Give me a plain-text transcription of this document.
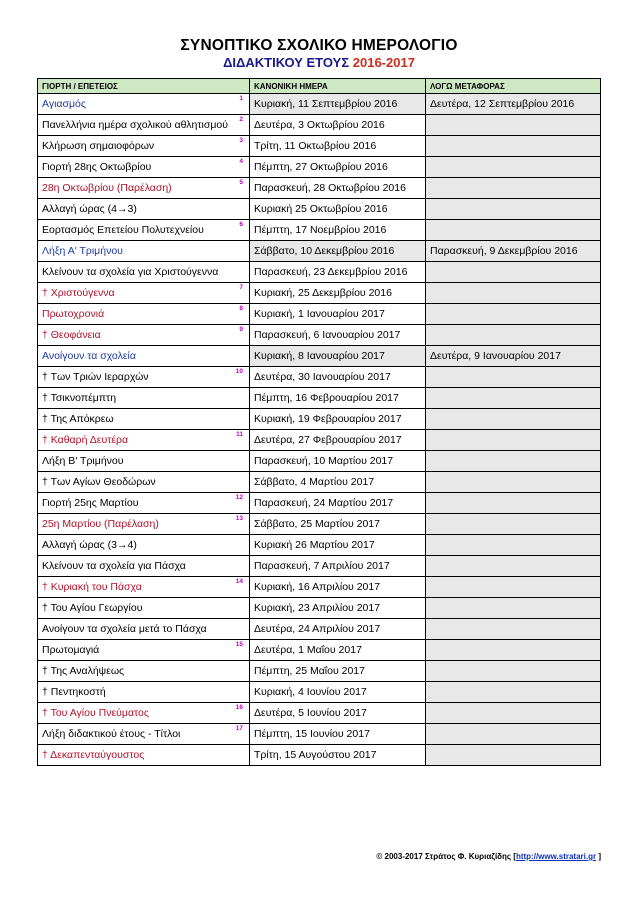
ΣΥΝΟΠΤΙΚΟ ΣΧΟΛΙΚΟ ΗΜΕΡΟΛΟΓΙΟ
ΔΙΔΑΚΤΙΚΟΥ ΕΤΟΥΣ 2016-2017
ΓΙΟΡΤΗ / ΕΠΕΤΕΙΟΣ	ΚΑΝΟΝΙΚΗ ΗΜΕΡΑ	ΛΟΓΩ ΜΕΤΑΦΟΡΑΣ
Αγιασμός 1	Κυριακή, 11 Σεπτεμβρίου 2016	Δευτέρα, 12 Σεπτεμβρίου 2016
Πανελλήνια ημέρα σχολικού αθλητισμού 2	Δευτέρα, 3 Οκτωβρίου 2016	
Κλήρωση σημαιοφόρων 3	Τρίτη, 11 Οκτωβρίου 2016	
Γιορτή 28ης Οκτωβρίου 4	Πέμπτη, 27 Οκτωβρίου 2016	
28η Οκτωβρίου (Παρέλαση) 5	Παρασκευή, 28 Οκτωβρίου 2016	
Αλλαγή ώρας (4→3)	Κυριακή 25 Οκτωβρίου 2016	
Εορτασμός Επετείου Πολυτεχνείου 6	Πέμπτη, 17 Νοεμβρίου 2016	
Λήξη Α' Τριμήνου	Σάββατο, 10 Δεκεμβρίου 2016	Παρασκευή, 9 Δεκεμβρίου 2016
Κλείνουν τα σχολεία για Χριστούγεννα	Παρασκευή, 23 Δεκεμβρίου 2016	
† Χριστούγεννα 7	Κυριακή, 25 Δεκεμβρίου 2016	
Πρωτοχρονιά 8	Κυριακή, 1 Ιανουαρίου 2017	
† Θεοφάνεια 9	Παρασκευή, 6 Ιανουαρίου 2017	
Ανοίγουν τα σχολεία	Κυριακή, 8 Ιανουαρίου 2017	Δευτέρα, 9 Ιανουαρίου 2017
† Των Τριών Ιεραρχών 10	Δευτέρα, 30 Ιανουαρίου 2017	
† Τσικνοπέμπτη	Πέμπτη, 16 Φεβρουαρίου 2017	
† Της Απόκρεω	Κυριακή, 19 Φεβρουαρίου 2017	
† Καθαρή Δευτέρα 11	Δευτέρα, 27 Φεβρουαρίου 2017	
Λήξη Β' Τριμήνου	Παρασκευή, 10 Μαρτίου 2017	
† Των Αγίων Θεοδώρων	Σάββατο, 4 Μαρτίου 2017	
Γιορτή 25ης Μαρτίου 12	Παρασκευή, 24 Μαρτίου 2017	
25η Μαρτίου (Παρέλαση) 13	Σάββατο, 25 Μαρτίου 2017	
Αλλαγή ώρας (3→4)	Κυριακή 26 Μαρτίου 2017	
Κλείνουν τα σχολεία για Πάσχα	Παρασκευή, 7 Απριλίου 2017	
† Κυριακή του Πάσχα 14	Κυριακή, 16 Απριλίου 2017	
† Του Αγίου Γεωργίου	Κυριακή, 23 Απριλίου 2017	
Ανοίγουν τα σχολεία μετά το Πάσχα	Δευτέρα, 24 Απριλίου 2017	
Πρωτομαγιά 15	Δευτέρα, 1 Μαΐου 2017	
† Της Αναλήψεως	Πέμπτη, 25 Μαΐου 2017	
† Πεντηκοστή	Κυριακή, 4 Ιουνίου 2017	
† Του Αγίου Πνεύματος 16	Δευτέρα, 5 Ιουνίου 2017	
Λήξη διδακτικού έτους - Τίτλοι 17	Πέμπτη, 15 Ιουνίου 2017	
† Δεκαπενταύγουστος	Τρίτη, 15 Αυγούστου 2017	
© 2003-2017 Στράτος Φ. Κυριαζίδης [http://www.stratari.gr ]
